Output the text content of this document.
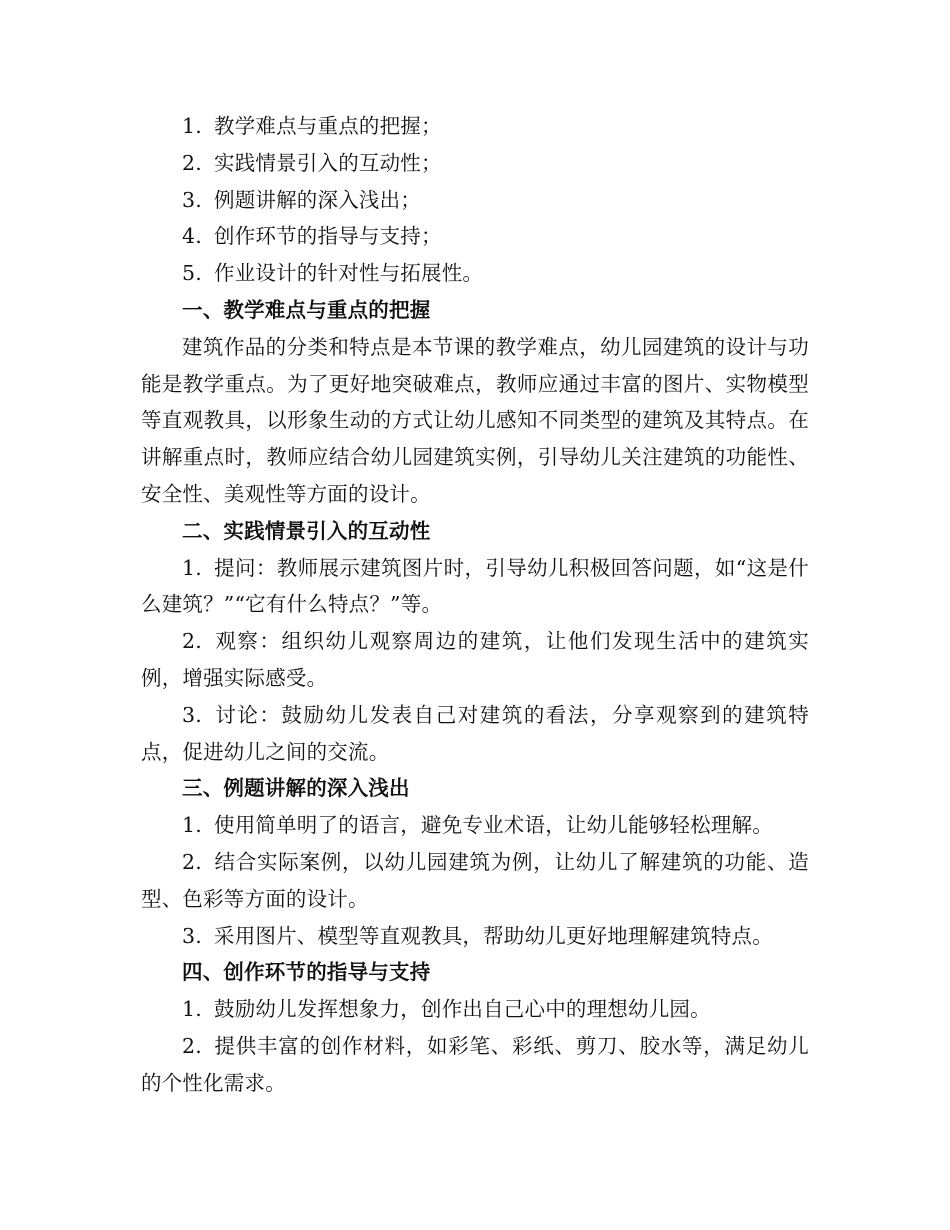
1. 教学难点与重点的把握；

2. 实践情景引入的互动性；

3. 例题讲解的深入浅出；

4. 创作环节的指导与支持；

5. 作业设计的针对性与拓展性。

一、教学难点与重点的把握

建筑作品的分类和特点是本节课的教学难点，幼儿园建筑的设计与功能是教学重点。为了更好地突破难点，教师应通过丰富的图片、实物模型等直观教具，以形象生动的方式让幼儿感知不同类型的建筑及其特点。在讲解重点时，教师应结合幼儿园建筑实例，引导幼儿关注建筑的功能性、安全性、美观性等方面的设计。

二、实践情景引入的互动性

1. 提问：教师展示建筑图片时，引导幼儿积极回答问题，如“这是什么建筑？”“它有什么特点？”等。

2. 观察：组织幼儿观察周边的建筑，让他们发现生活中的建筑实例，增强实际感受。

3. 讨论：鼓励幼儿发表自己对建筑的看法，分享观察到的建筑特点，促进幼儿之间的交流。

三、例题讲解的深入浅出

1. 使用简单明了的语言，避免专业术语，让幼儿能够轻松理解。

2. 结合实际案例，以幼儿园建筑为例，让幼儿了解建筑的功能、造型、色彩等方面的设计。

3. 采用图片、模型等直观教具，帮助幼儿更好地理解建筑特点。

四、创作环节的指导与支持

1. 鼓励幼儿发挥想象力，创作出自己心中的理想幼儿园。

2. 提供丰富的创作材料，如彩笔、彩纸、剪刀、胶水等，满足幼儿的个性化需求。
